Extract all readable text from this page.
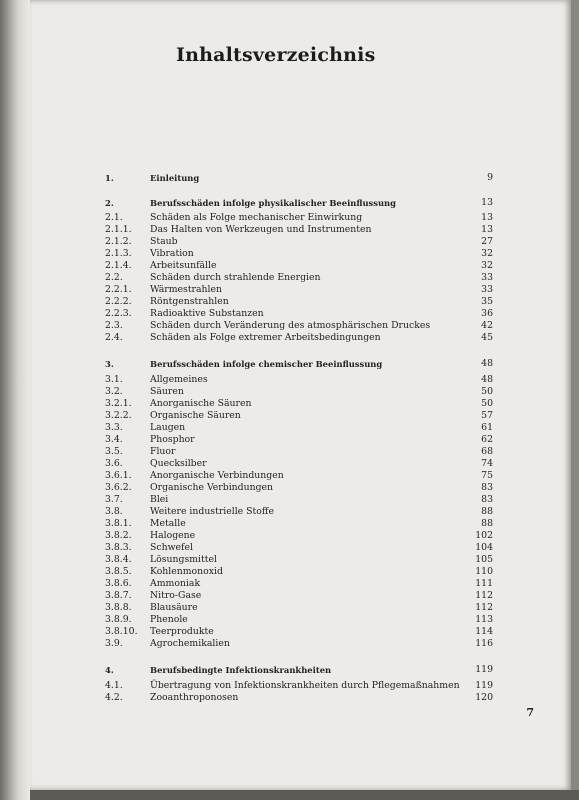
Inhaltsverzeichnis
1.	Einleitung	9
2.	Berufsschäden infolge physikalischer Beeinflussung	13
2.1.	Schäden als Folge mechanischer Einwirkung	13
2.1.1. Das Halten von Werkzeugen und Instrumenten	13
2.1.2. Staub	27
2.1.3. Vibration	32
2.1.4. Arbeitsunfälle	32
2.2.	Schäden durch strahlende Energien	33
2.2.1. Wärmestrahlen	33
2.2.2. Röntgenstrahlen	35
2.2.3. Radioaktive Substanzen	36
2.3.	Schäden durch Veränderung des atmosphärischen Druckes	42
2.4.	Schäden als Folge extremer Arbeitsbedingungen	45
3.	Berufsschäden infolge chemischer Beeinflussung	48
3.1.	Allgemeines	48
3.2.	Säuren	50
3.2.1. Anorganische Säuren	50
3.2.2. Organische Säuren	57
3.3.	Laugen	61
3.4.	Phosphor	62
3.5.	Fluor	68
3.6.	Quecksilber	74
3.6.1. Anorganische Verbindungen	75
3.6.2. Organische Verbindungen	83
3.7.	Blei	83
3.8.	Weitere industrielle Stoffe	88
3.8.1. Metalle	88
3.8.2. Halogene	102
3.8.3. Schwefel	104
3.8.4. Lösungsmittel	105
3.8.5. Kohlenmonoxid	110
3.8.6. Ammoniak	111
3.8.7. Nitro-Gase	112
3.8.8. Blausäure	112
3.8.9. Phenole	113
3.8.10. Teerprodukte	114
3.9.	Agrochemikalien	116
4.	Berufsbedingte Infektionskrankheiten	119
4.1.	Übertragung von Infektionskrankheiten durch Pflegemaßnahmen 119
4.2.	Zooanthroponosen	120
7
